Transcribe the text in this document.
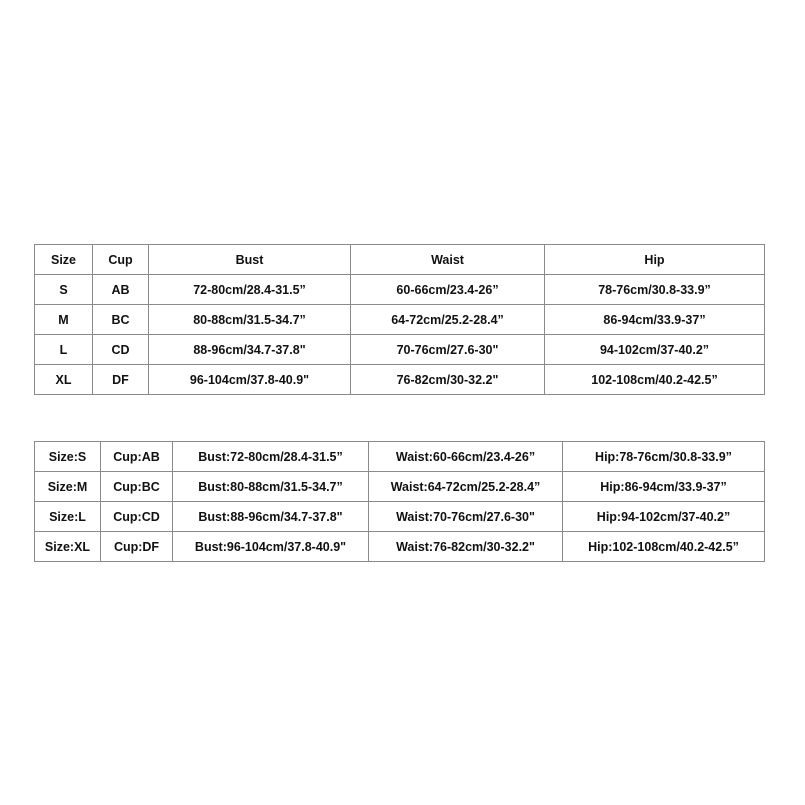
Size	Cup	Bust	Waist	Hip
S	AB	72-80cm/28.4-31.5”	60-66cm/23.4-26”	78-76cm/30.8-33.9”
M	BC	80-88cm/31.5-34.7”	64-72cm/25.2-28.4”	86-94cm/33.9-37”
L	CD	88-96cm/34.7-37.8"	70-76cm/27.6-30"	94-102cm/37-40.2”
XL	DF	96-104cm/37.8-40.9"	76-82cm/30-32.2"	102-108cm/40.2-42.5”
Size:S	Cup:AB	Bust:72-80cm/28.4-31.5”	Waist:60-66cm/23.4-26”	Hip:78-76cm/30.8-33.9”
Size:M	Cup:BC	Bust:80-88cm/31.5-34.7”	Waist:64-72cm/25.2-28.4”	Hip:86-94cm/33.9-37”
Size:L	Cup:CD	Bust:88-96cm/34.7-37.8"	Waist:70-76cm/27.6-30"	Hip:94-102cm/37-40.2”
Size:XL	Cup:DF	Bust:96-104cm/37.8-40.9"	Waist:76-82cm/30-32.2"	Hip:102-108cm/40.2-42.5”
